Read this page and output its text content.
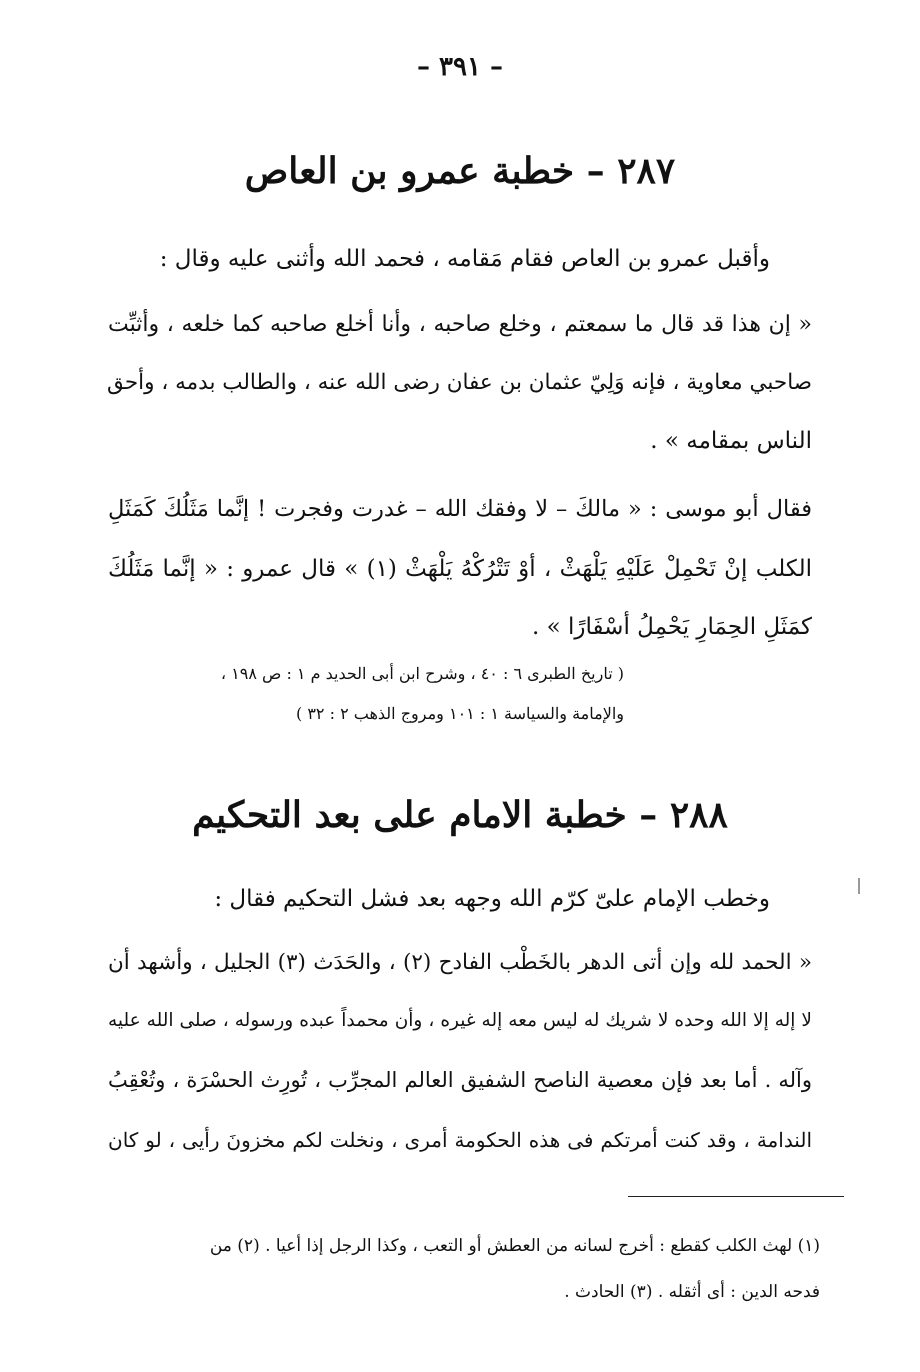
– ٣٩١ –
٢٨٧ – خطبة عمرو بن العاص
وأقبل عمرو بن العاص فقام مَقامه ، فحمد الله وأثنى عليه وقال :
« إن هذا قد قال ما سمعتم ، وخلع صاحبه ، وأنا أخلع صاحبه كما خلعه ، وأثبِّت
صاحبي معاوية ، فإنه وَلِيّ عثمان بن عفان رضى الله عنه ، والطالب بدمه ، وأحق
الناس بمقامه » .
فقال أبو موسى : « مالكَ – لا وفقك الله – غدرت وفجرت ! إنَّما مَثَلُكَ كَمَثَلِ
الكلب إنْ تَحْمِلْ عَلَيْهِ يَلْهَثْ ، أوْ تَتْرُكْهُ يَلْهَثْ (١) » قال عمرو : « إنَّما مَثَلُكَ
كمَثَلِ الحِمَارِ يَحْمِلُ أسْفَارًا » .
( تاريخ الطبرى ٦ : ٤٠ ، وشرح ابن أبى الحديد م ١ : ص ١٩٨ ،
والإمامة والسياسة ١ : ١٠١ ومروج الذهب ٢ : ٣٢ )
٢٨٨ – خطبة الامام على بعد التحكيم
وخطب الإمام علىّ كرّم الله وجهه بعد فشل التحكيم فقال :
« الحمد لله وإن أتى الدهر بالخَطْب الفادح (٢) ، والحَدَث (٣) الجليل ، وأشهد أن
لا إله إلا الله وحده لا شريك له ليس معه إله غيره ، وأن محمداً عبده ورسوله ، صلى الله عليه
وآله . أما بعد فإن معصية الناصح الشفيق العالم المجرِّب ، تُورِث الحسْرَة ، وتُعْقِبُ
الندامة ، وقد كنت أمرتكم فى هذه الحكومة أمرى ، ونخلت لكم مخزونَ رأيى ، لو كان
(١) لهث الكلب كقطع : أخرج لسانه من العطش أو التعب ، وكذا الرجل إذا أعيا . (٢) من
فدحه الدين : أى أثقله . (٣) الحادث .
